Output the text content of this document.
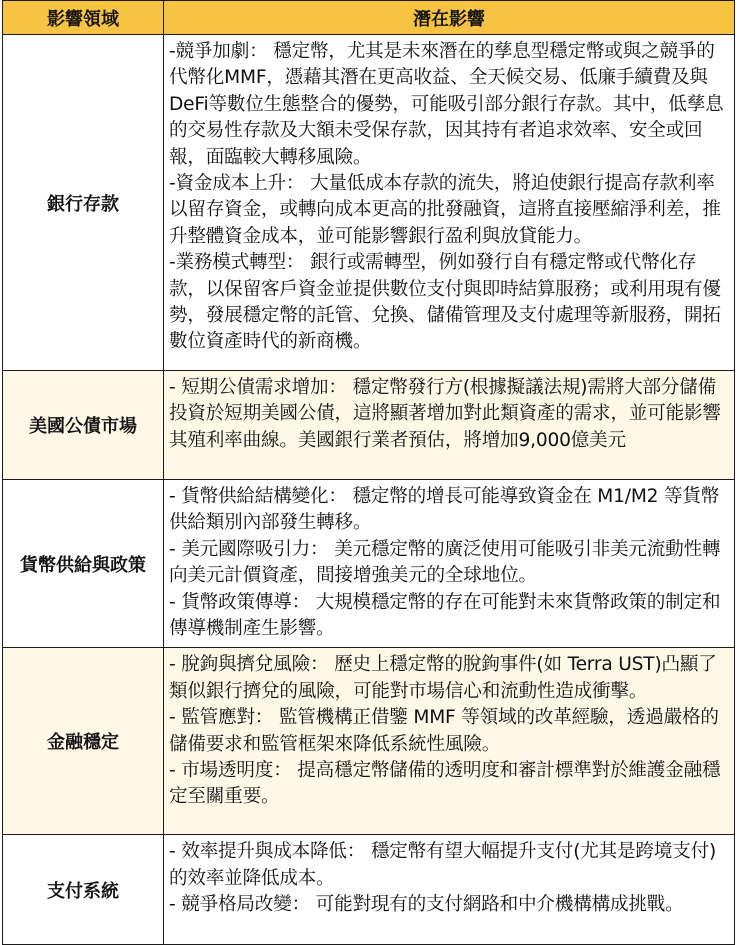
影響領域	潛在影響
銀行存款	-競爭加劇： 穩定幣，尤其是未來潛在的孳息型穩定幣或與之競爭的代幣化MMF，憑藉其潛在更高收益、全天候交易、低廉手續費及與DeFi等數位生態整合的優勢，可能吸引部分銀行存款。其中，低孳息的交易性存款及大額未受保存款，因其持有者追求效率、安全或回報，面臨較大轉移風險。

-資金成本上升： 大量低成本存款的流失，將迫使銀行提高存款利率以留存資金，或轉向成本更高的批發融資，這將直接壓縮淨利差，推升整體資金成本，並可能影響銀行盈利與放貸能力。

-業務模式轉型： 銀行或需轉型，例如發行自有穩定幣或代幣化存款，以保留客戶資金並提供數位支付與即時結算服務；或利用現有優勢，發展穩定幣的託管、兌換、儲備管理及支付處理等新服務，開拓數位資產時代的新商機。

美國公債市場	- 短期公債需求增加： 穩定幣發行方(根據擬議法規)需將大部分儲備投資於短期美國公債，這將顯著增加對此類資產的需求，並可能影響其殖利率曲線。美國銀行業者預估，將增加9,000億美元

貨幣供給與政策	- 貨幣供給結構變化： 穩定幣的增長可能導致資金在 M1/M2 等貨幣供給類別內部發生轉移。

- 美元國際吸引力： 美元穩定幣的廣泛使用可能吸引非美元流動性轉向美元計價資產，間接增強美元的全球地位。

- 貨幣政策傳導： 大規模穩定幣的存在可能對未來貨幣政策的制定和傳導機制產生影響。

金融穩定	- 脫鉤與擠兌風險： 歷史上穩定幣的脫鉤事件(如 Terra UST)凸顯了類似銀行擠兌的風險，可能對市場信心和流動性造成衝擊。

- 監管應對： 監管機構正借鑒 MMF 等領域的改革經驗，透過嚴格的儲備要求和監管框架來降低系統性風險。

- 市場透明度： 提高穩定幣儲備的透明度和審計標準對於維護金融穩定至關重要。

支付系統	- 效率提升與成本降低： 穩定幣有望大幅提升支付(尤其是跨境支付)的效率並降低成本。

- 競爭格局改變： 可能對現有的支付網路和中介機構構成挑戰。
